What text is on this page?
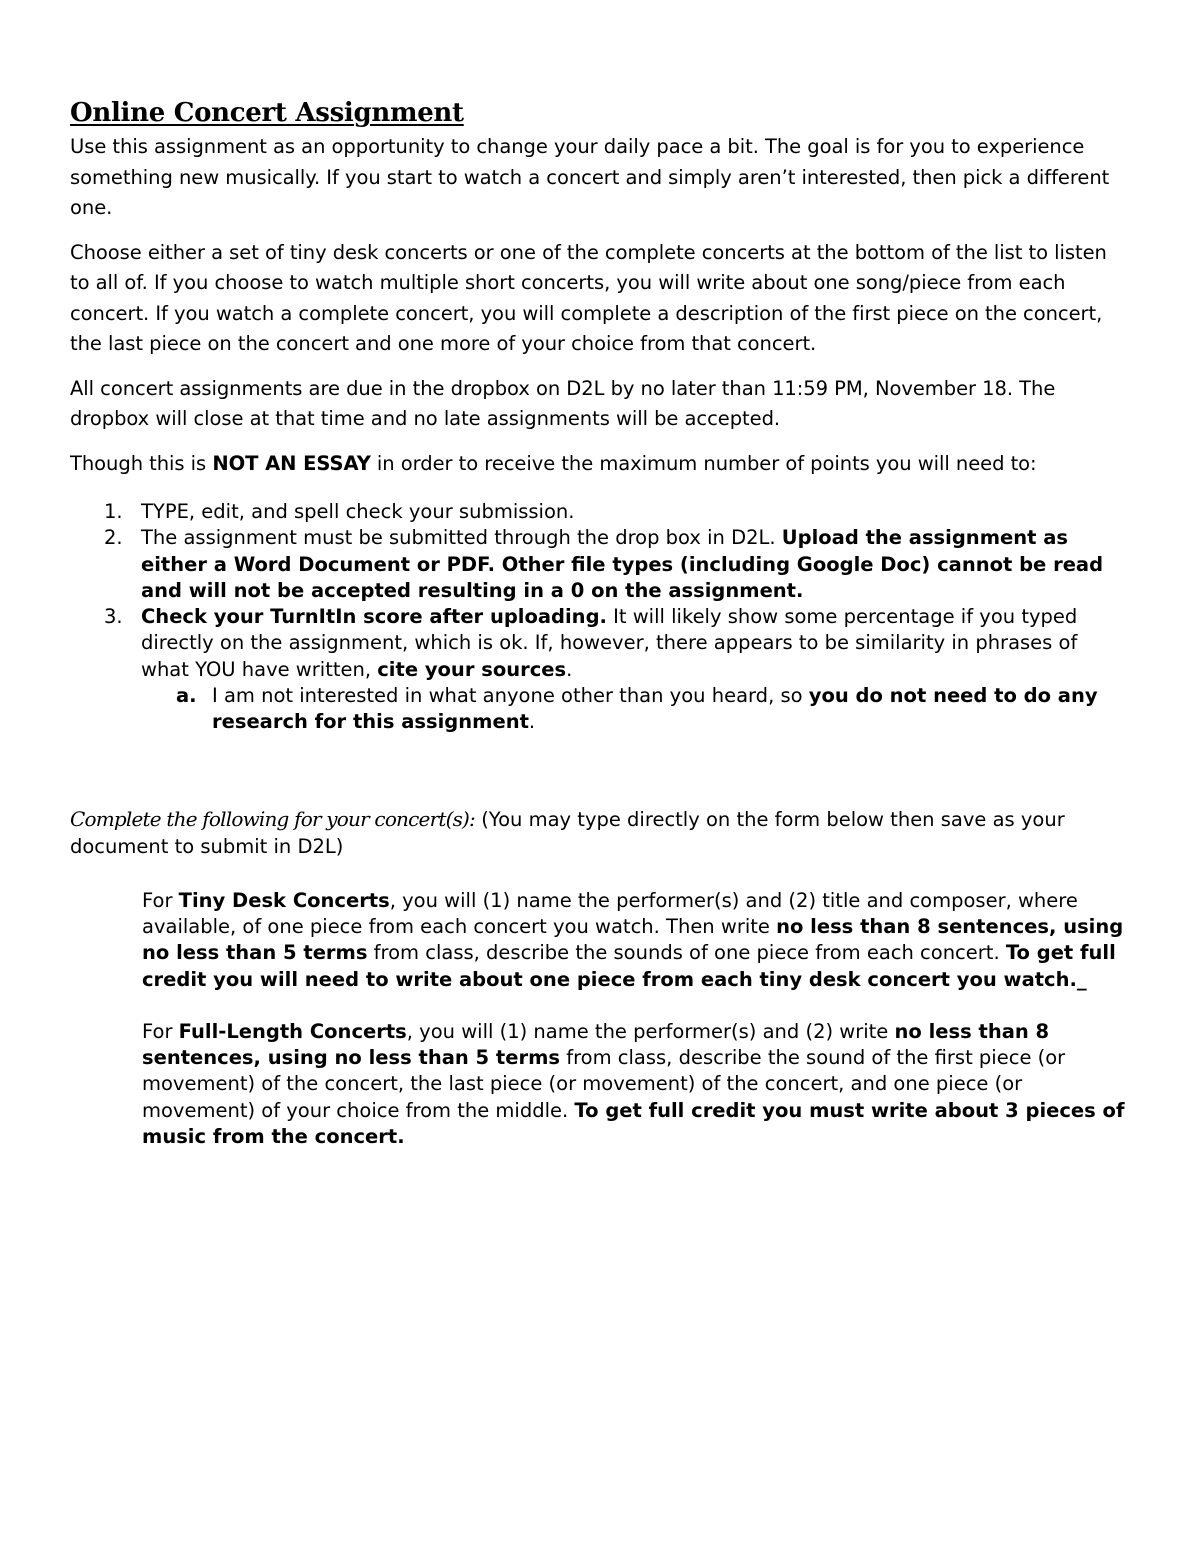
Online Concert Assignment

Use this assignment as an opportunity to change your daily pace a bit. The goal is for you to experience something new musically. If you start to watch a concert and simply aren’t interested, then pick a different one.

Choose either a set of tiny desk concerts or one of the complete concerts at the bottom of the list to listen to all of. If you choose to watch multiple short concerts, you will write about one song/piece from each concert. If you watch a complete concert, you will complete a description of the first piece on the concert, the last piece on the concert and one more of your choice from that concert.

All concert assignments are due in the dropbox on D2L by no later than 11:59 PM, November 18. The dropbox will close at that time and no late assignments will be accepted.

Though this is NOT AN ESSAY in order to receive the maximum number of points you will need to:

1. TYPE, edit, and spell check your submission.
2. The assignment must be submitted through the drop box in D2L. Upload the assignment as either a Word Document or PDF. Other file types (including Google Doc) cannot be read and will not be accepted resulting in a 0 on the assignment.
3. Check your TurnItIn score after uploading. It will likely show some percentage if you typed directly on the assignment, which is ok. If, however, there appears to be similarity in phrases of what YOU have written, cite your sources.
a. I am not interested in what anyone other than you heard, so you do not need to do any research for this assignment.

Complete the following for your concert(s): (You may type directly on the form below then save as your document to submit in D2L)

For Tiny Desk Concerts, you will (1) name the performer(s) and (2) title and composer, where available, of one piece from each concert you watch. Then write no less than 8 sentences, using no less than 5 terms from class, describe the sounds of one piece from each concert. To get full credit you will need to write about one piece from each tiny desk concert you watch._

For Full-Length Concerts, you will (1) name the performer(s) and (2) write no less than 8 sentences, using no less than 5 terms from class, describe the sound of the first piece (or movement) of the concert, the last piece (or movement) of the concert, and one piece (or movement) of your choice from the middle. To get full credit you must write about 3 pieces of music from the concert.
